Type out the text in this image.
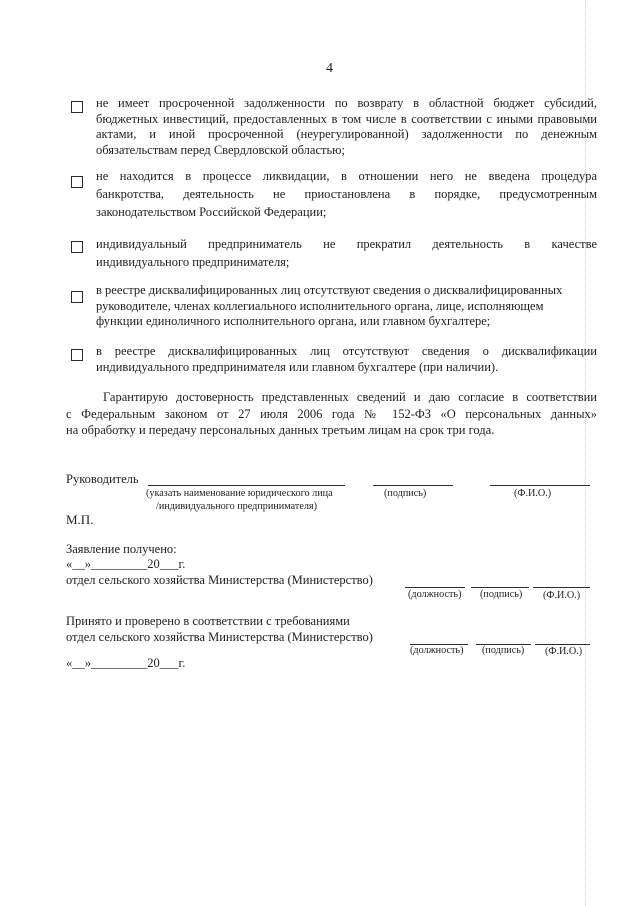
4
не имеет просроченной задолженности по возврату в областной бюджет субсидий,
бюджетных инвестиций, предоставленных в том числе в соответствии с иными правовыми
актами, и иной просроченной (неурегулированной) задолженности по денежным
обязательствам перед Свердловской областью;
не находится в процессе ликвидации, в отношении него не введена процедура
банкротства, деятельность не приостановлена в порядке, предусмотренным
законодательством Российской Федерации;
индивидуальный предприниматель не прекратил деятельность в качестве
индивидуального предпринимателя;
в реестре дисквалифицированных лиц отсутствуют сведения о дисквалифицированных
руководителе, членах коллегиального исполнительного органа, лице, исполняющем
функции единоличного исполнительного органа, или главном бухгалтере;
в реестре дисквалифицированных лиц отсутствуют сведения о дисквалификации
индивидуального предпринимателя или главном бухгалтере (при наличии).
Гарантирую достоверность представленных сведений и даю согласие в соответствии
с Федеральным законом от 27 июля 2006 года № 152-ФЗ «О персональных данных»
на обработку и передачу персональных данных третьим лицам на срок три года.
Руководитель
(указать наименование юридического лица
/индивидуального предпринимателя)
(подпись)	(Ф.И.О.)
М.П.
Заявление получено:
«__»_________20___г.
отдел сельского хозяйства Министерства (Министерство)
(должность) (подпись) (Ф.И.О.)
Принято и проверено в соответствии с требованиями
отдел сельского хозяйства Министерства (Министерство)
(должность) (подпись) (Ф.И.О.)
«__»_________20___г.
